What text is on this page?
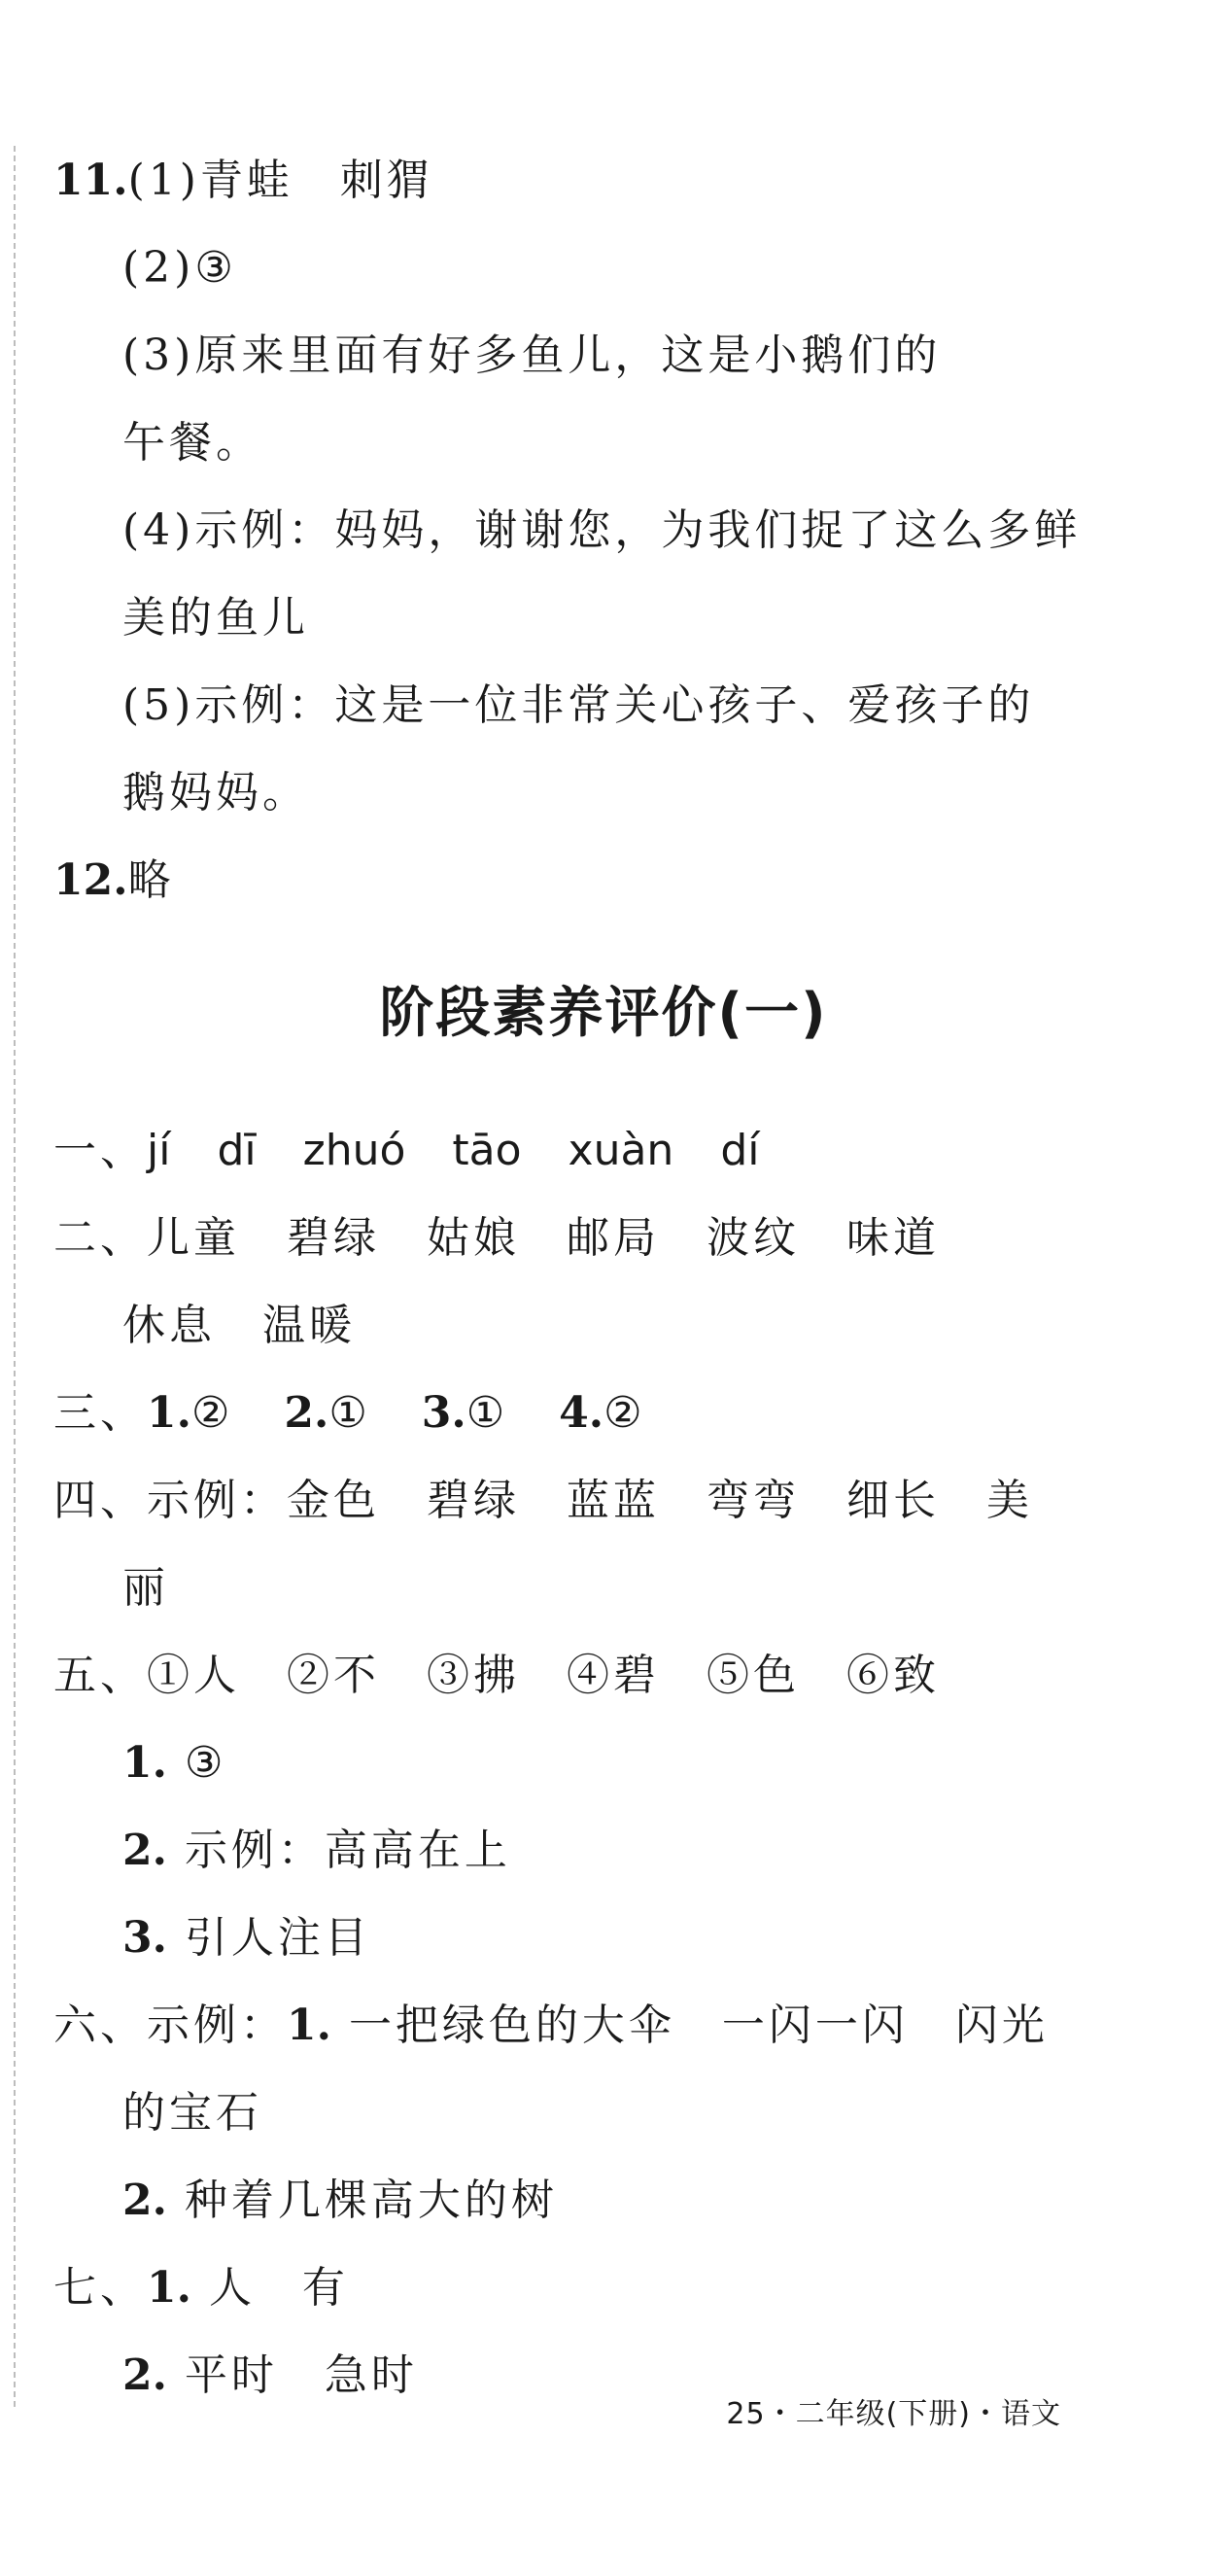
11.(1)青蛙　刺猬
(2)③
(3)原来里面有好多鱼儿，这是小鹅们的
午餐。
(4)示例：妈妈，谢谢您，为我们捉了这么多鲜
美的鱼儿
(5)示例：这是一位非常关心孩子、爱孩子的
鹅妈妈。
12.略
阶段素养评价(一)
一、jí dī zhuó tāo xuàn dí
二、儿童　碧绿　姑娘　邮局　波纹　味道
休息　温暖
三、1.② 2.① 3.① 4.②
四、示例：金色　碧绿　蓝蓝　弯弯　细长　美
丽
五、①人　②不　③拂　④碧　⑤色　⑥致
1. ③
2. 示例：高高在上
3. 引人注目
六、示例：1. 一把绿色的大伞　一闪一闪　闪光
的宝石
2. 种着几棵高大的树
七、1. 人　有
2. 平时　急时
25・二年级(下册)・语文
